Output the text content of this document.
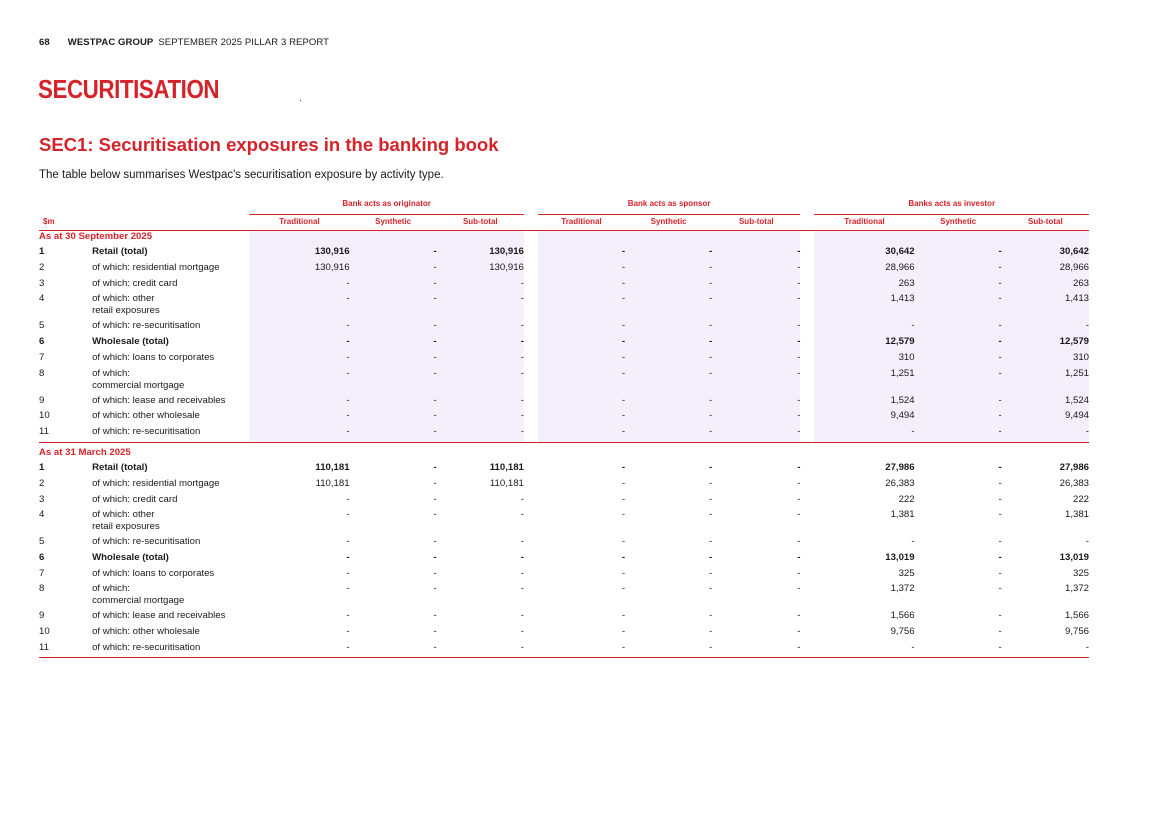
68 WESTPAC GROUP SEPTEMBER 2025 PILLAR 3 REPORT
SECURITISATION
SEC1: Securitisation exposures in the banking book
The table below summarises Westpac's securitisation exposure by activity type.
		Bank acts as originator				Bank acts as sponsor				Banks acts as investor		
$m		Traditional	Synthetic	Sub-total		Traditional	Synthetic	Sub-total		Traditional	Synthetic	Sub-total
As at 30 September 2025												
1	Retail (total)	130,916	-	130,916		-	-	-		30,642	-	30,642
2	of which: residential mortgage	130,916	-	130,916		-	-	-		28,966	-	28,966
3	of which: credit card	-	-	-		-	-	-		263	-	263
4	of which: other
retail exposures	-	-	-		-	-	-		1,413	-	1,413
5	of which: re-securitisation	-	-	-		-	-	-		-	-	-
6	Wholesale (total)	-	-	-		-	-	-		12,579	-	12,579
7	of which: loans to corporates	-	-	-		-	-	-		310	-	310
8	of which:
commercial mortgage	-	-	-		-	-	-		1,251	-	1,251
9	of which: lease and receivables	-	-	-		-	-	-		1,524	-	1,524
10	of which: other wholesale	-	-	-		-	-	-		9,494	-	9,494
11	of which: re-securitisation	-	-	-		-	-	-		-	-	-

As at 31 March 2025												
1	Retail (total)	110,181	-	110,181		-	-	-		27,986	-	27,986
2	of which: residential mortgage	110,181	-	110,181		-	-	-		26,383	-	26,383
3	of which: credit card	-	-	-		-	-	-		222	-	222
4	of which: other
retail exposures	-	-	-		-	-	-		1,381	-	1,381
5	of which: re-securitisation	-	-	-		-	-	-		-	-	-
6	Wholesale (total)	-	-	-		-	-	-		13,019	-	13,019
7	of which: loans to corporates	-	-	-		-	-	-		325	-	325
8	of which:
commercial mortgage	-	-	-		-	-	-		1,372	-	1,372
9	of which: lease and receivables	-	-	-		-	-	-		1,566	-	1,566
10	of which: other wholesale	-	-	-		-	-	-		9,756	-	9,756
11	of which: re-securitisation	-	-	-		-	-	-		-	-	-
